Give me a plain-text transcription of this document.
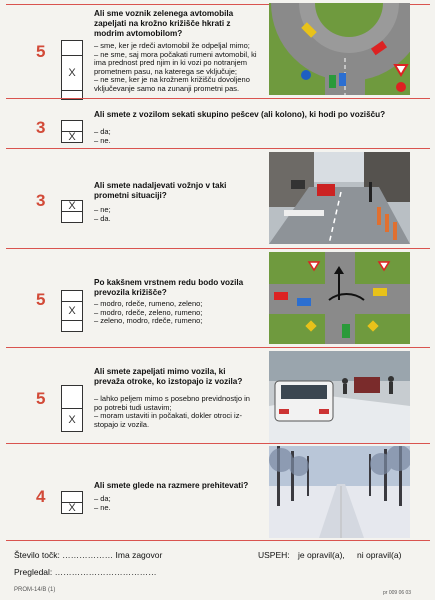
5
X
Ali sme voznik zelenega avtomobila zapeljati na krožno križišče hkrati z modrim avtomobilom?
– sme, ker je rdeči avtomobil že odpeljal mimo;
– ne sme, saj mora počakati rumeni avtomobil, ki
ima prednost pred njim in ki vozi po notranjem
prometnem pasu, na katerega se vključuje;
– ne sme, ker je na krožnem križišču dovoljeno
vključevanje samo na zunanji prometni pas.
3	X
Ali smete z vozilom sekati skupino pešcev (ali kolono), ki hodi po vozišču?
– da;
– ne.
3	X
Ali smete nadaljevati vožnjo v taki prometni situaciji?
– ne;
– da.
5
X
Po kakšnem vrstnem redu bodo vozila prevozila križišče?
– modro, rdeče, rumeno, zeleno;
– modro, rdeče, zeleno, rumeno;
– zeleno, modro, rdeče, rumeno;
5
X
Ali smete zapeljati mimo vozila, ki prevaža otroke, ko izstopajo iz vozila?
– lahko peljem mimo s posebno previdnostjo in
po potrebi tudi ustavim;
– moram ustaviti in počakati, dokler otroci iz-
stopajo iz vozila.
4
X
Ali smete glede na razmere prehitevati?
– da;
– ne.
Število točk: ……………… Ima zagovor	USPEH: je opravil(a), ni opravil(a)
Pregledal: ………………………………
PROM-14/B (1)	pr 009 06 03
